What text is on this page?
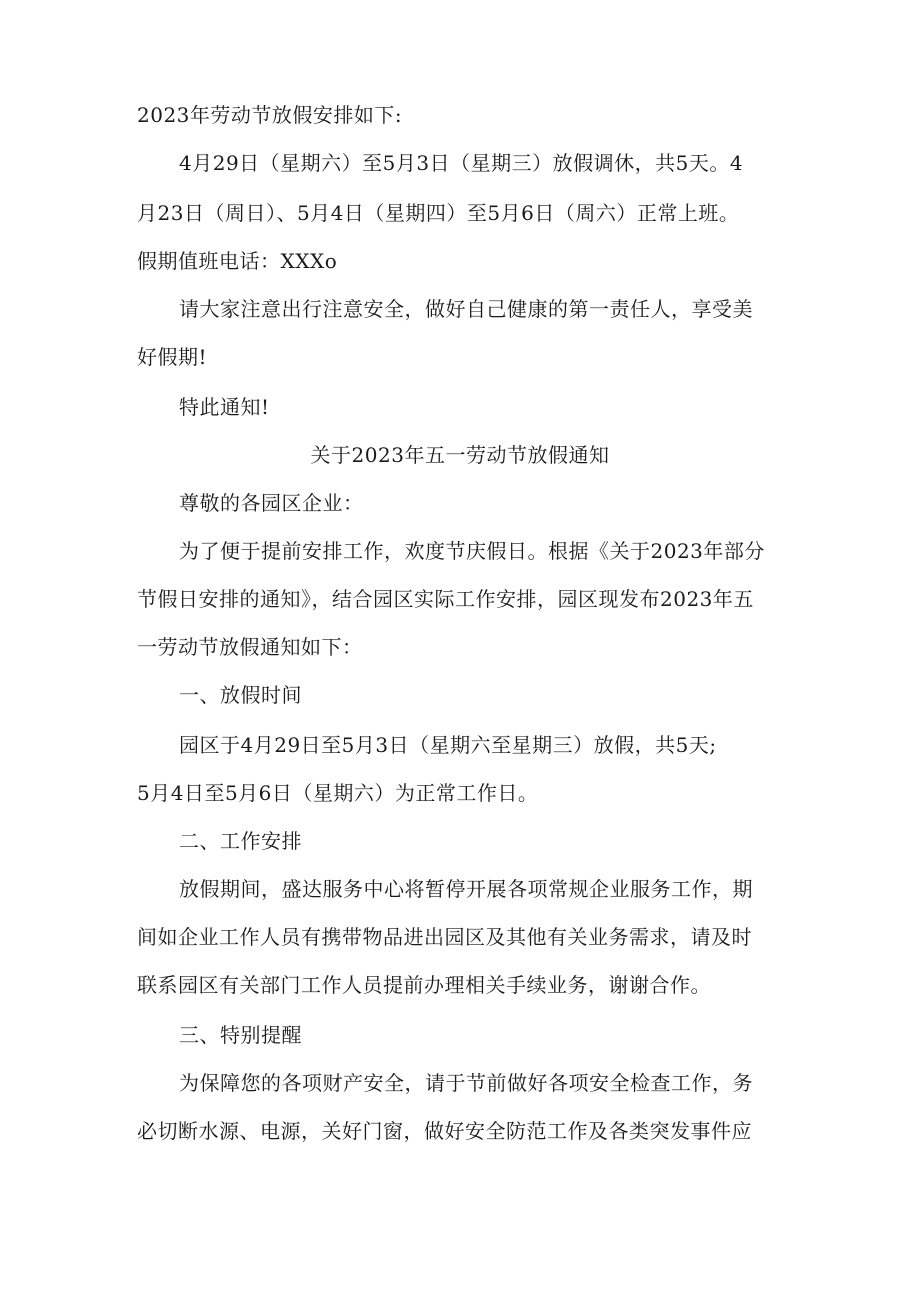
2023年劳动节放假安排如下:
4月29日（星期六）至5月3日（星期三）放假调休，共5天。4
月23日（周日）、5月4日（星期四）至5月6日（周六）正常上班。
假期值班电话：XXXo
请大家注意出行注意安全，做好自己健康的第一责任人，享受美
好假期!
特此通知!
关于2023年五一劳动节放假通知
尊敬的各园区企业：
为了便于提前安排工作，欢度节庆假日。根据《关于2023年部分
节假日安排的通知》，结合园区实际工作安排，园区现发布2023年五
一劳动节放假通知如下：
一、放假时间
园区于4月29日至5月3日（星期六至星期三）放假，共5天;
5月4日至5月6日（星期六）为正常工作日。
二、工作安排
放假期间，盛达服务中心将暂停开展各项常规企业服务工作，期
间如企业工作人员有携带物品进出园区及其他有关业务需求，请及时
联系园区有关部门工作人员提前办理相关手续业务，谢谢合作。
三、特别提醒
为保障您的各项财产安全，请于节前做好各项安全检查工作，务
必切断水源、电源，关好门窗，做好安全防范工作及各类突发事件应
